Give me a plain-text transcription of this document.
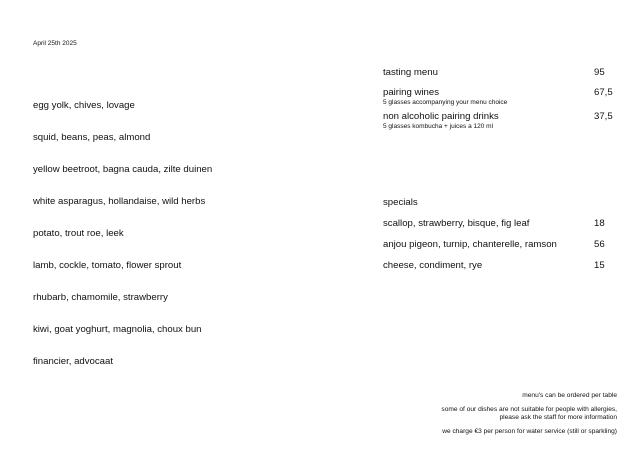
April 25th 2025
egg yolk, chives, lovage
squid, beans, peas, almond
yellow beetroot, bagna cauda, zilte duinen
white asparagus, hollandaise, wild herbs
potato, trout roe, leek
lamb, cockle, tomato, flower sprout
rhubarb, chamomile, strawberry
kiwi, goat yoghurt, magnolia, choux bun
financier, advocaat
tasting menu	95
pairing wines	67,5
5 glasses accompanying your menu choice
non alcoholic pairing drinks	37,5
5 glasses kombucha + juices a 120 ml
specials
scallop, strawberry, bisque, fig leaf	18
anjou pigeon, turnip, chanterelle, ramson	56
cheese, condiment, rye	15
menu's can be ordered per table
some of our dishes are not suitable for people with allergies,
please ask the staff for more information
we charge €3 per person for water service (still or sparkling)
